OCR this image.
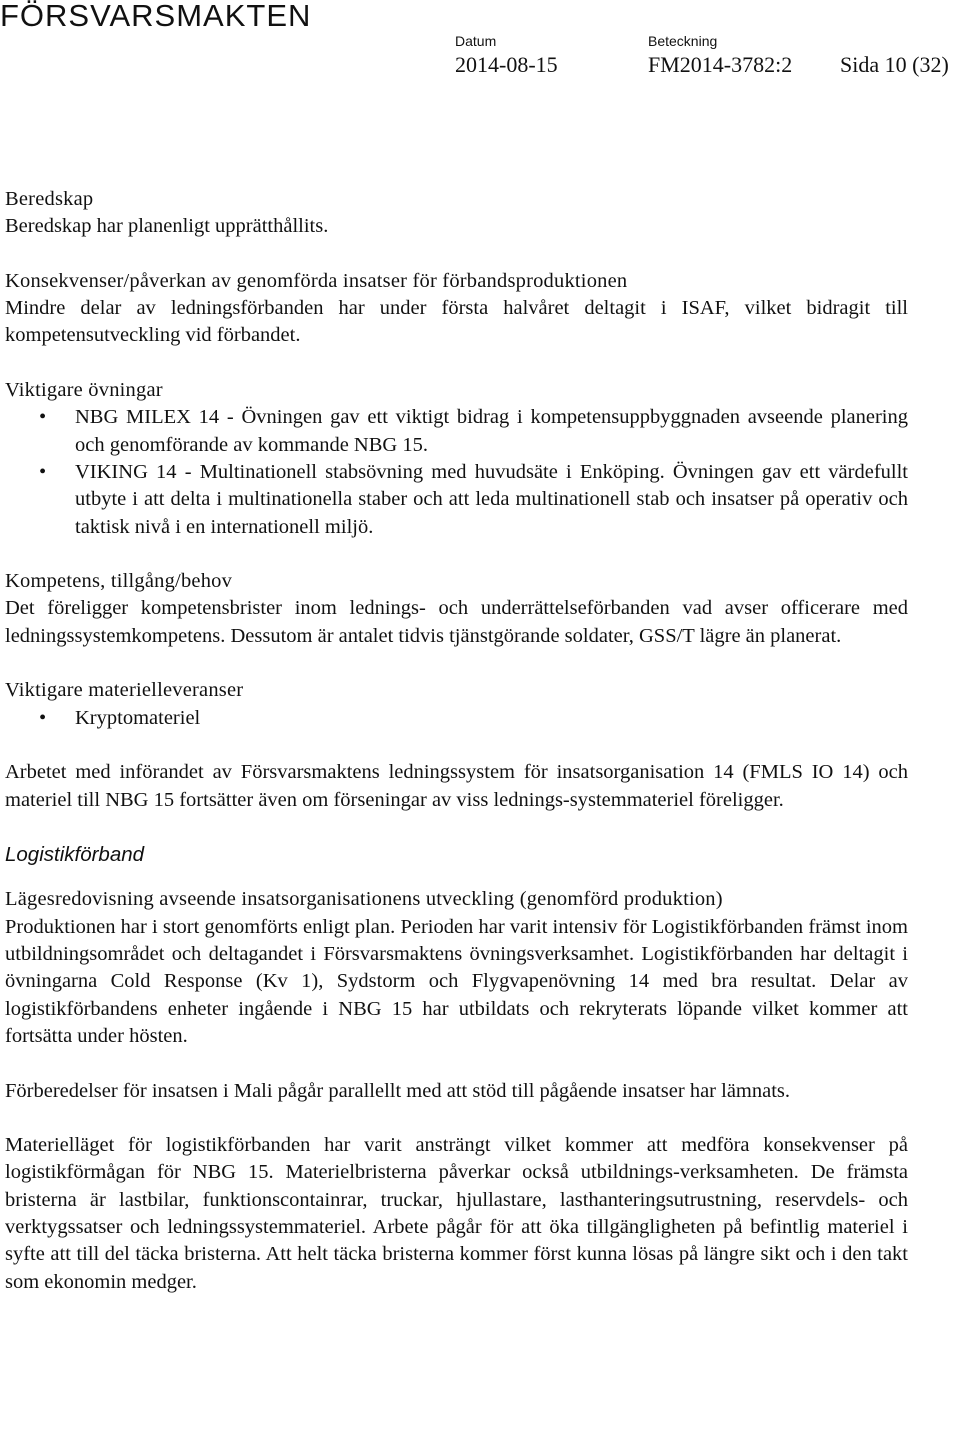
FÖRSVARSMAKTEN
Datum
2014-08-15
Beteckning
FM2014-3782:2 Sida 10 (32)

Beredskap

Beredskap har planenligt upprätthållits.

Konsekvenser/påverkan av genomförda insatser för förbandsproduktionen

Mindre delar av ledningsförbanden har under första halvåret deltagit i ISAF, vilket bidragit till kompetensutveckling vid förbandet.

Viktigare övningar

• NBG MILEX 14 - Övningen gav ett viktigt bidrag i kompetensuppbyggnaden avseende planering och genomförande av kommande NBG 15.
• VIKING 14 - Multinationell stabsövning med huvudsäte i Enköping. Övningen gav ett värdefullt utbyte i att delta i multinationella staber och att leda multinationell stab och insatser på operativ och taktisk nivå i en internationell miljö.

Kompetens, tillgång/behov

Det föreligger kompetensbrister inom lednings- och underrättelseförbanden vad avser officerare med ledningssystemkompetens. Dessutom är antalet tidvis tjänstgörande soldater, GSS/T lägre än planerat.

Viktigare materielleveranser

• Kryptomateriel

Arbetet med införandet av Försvarsmaktens ledningssystem för insatsorganisation 14 (FMLS IO 14) och materiel till NBG 15 fortsätter även om förseningar av viss lednings-systemmateriel föreligger.

Logistikförband

Lägesredovisning avseende insatsorganisationens utveckling (genomförd produktion)

Produktionen har i stort genomförts enligt plan. Perioden har varit intensiv för Logistikförbanden främst inom utbildningsområdet och deltagandet i Försvarsmaktens övningsverksamhet. Logistikförbanden har deltagit i övningarna Cold Response (Kv 1), Sydstorm och Flygvapenövning 14 med bra resultat. Delar av logistikförbandens enheter ingående i NBG 15 har utbildats och rekryterats löpande vilket kommer att fortsätta under hösten.

Förberedelser för insatsen i Mali pågår parallellt med att stöd till pågående insatser har lämnats.

Materielläget för logistikförbanden har varit ansträngt vilket kommer att medföra konsekvenser på logistikförmågan för NBG 15. Materielbristerna påverkar också utbildnings-verksamheten. De främsta bristerna är lastbilar, funktionscontainrar, truckar, hjullastare, lasthanteringsutrustning, reservdels- och verktygssatser och ledningssystemmateriel. Arbete pågår för att öka tillgängligheten på befintlig materiel i syfte att till del täcka bristerna. Att helt täcka bristerna kommer först kunna lösas på längre sikt och i den takt som ekonomin medger.
